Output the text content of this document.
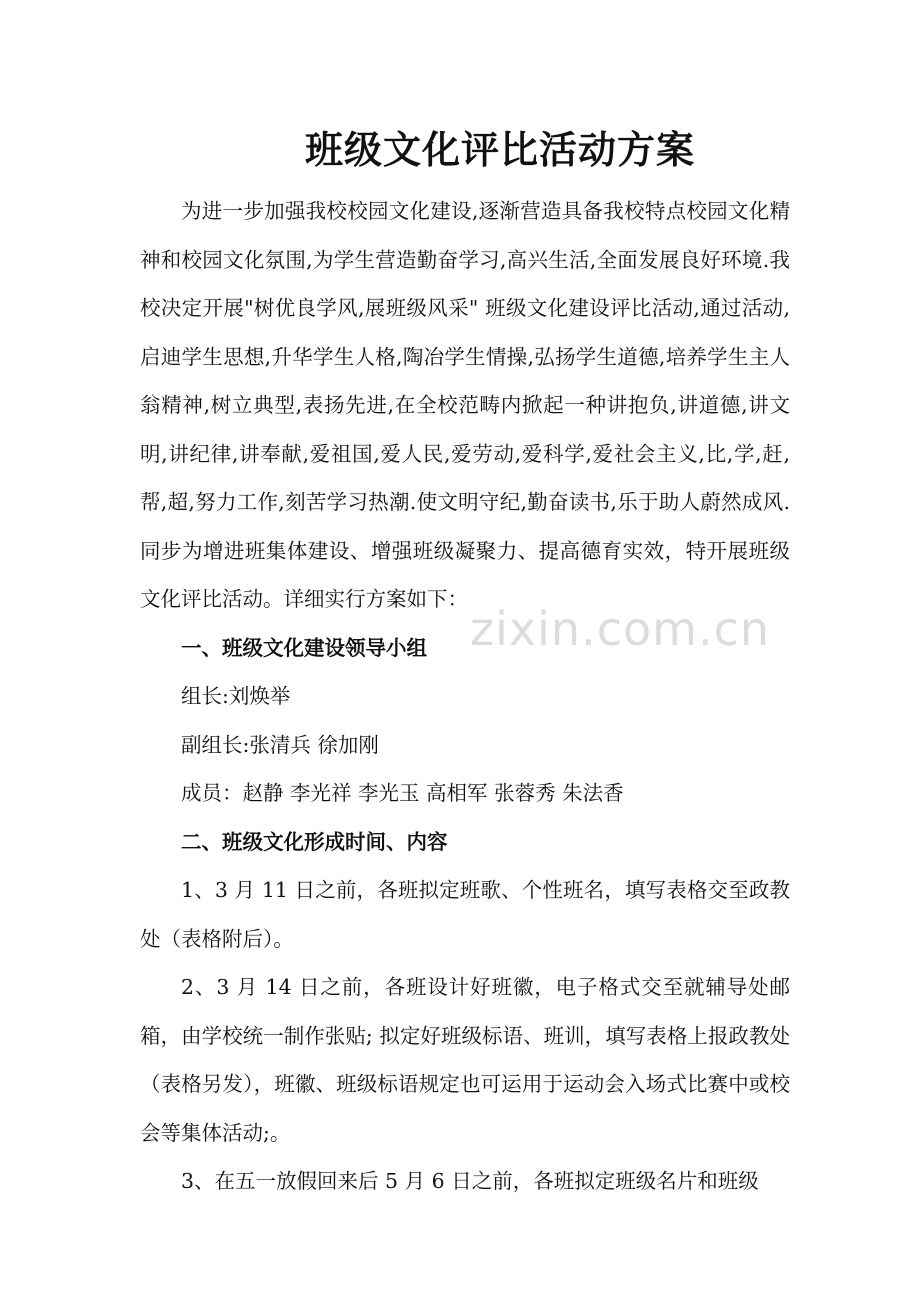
班级文化评比活动方案

为进一步加强我校校园文化建设,逐渐营造具备我校特点校园文化精神和校园文化氛围,为学生营造勤奋学习,高兴生活,全面发展良好环境.我校决定开展"树优良学风,展班级风采" 班级文化建设评比活动,通过活动,启迪学生思想,升华学生人格,陶冶学生情操,弘扬学生道德,培养学生主人翁精神,树立典型,表扬先进,在全校范畴内掀起一种讲抱负,讲道德,讲文明,讲纪律,讲奉献,爱祖国,爱人民,爱劳动,爱科学,爱社会主义,比,学,赶,帮,超,努力工作,刻苦学习热潮.使文明守纪,勤奋读书,乐于助人蔚然成风.同步为增进班集体建设、增强班级凝聚力、提高德育实效，特开展班级文化评比活动。详细实行方案如下：

一、班级文化建设领导小组

组长:刘焕举

副组长:张清兵 徐加刚

成员：赵静 李光祥 李光玉 高相军 张蓉秀 朱法香

二、班级文化形成时间、内容

1、3 月 11 日之前，各班拟定班歌、个性班名，填写表格交至政教处（表格附后）。

2、3 月 14 日之前，各班设计好班徽，电子格式交至就辅导处邮箱，由学校统一制作张贴; 拟定好班级标语、班训，填写表格上报政教处（表格另发），班徽、班级标语规定也可运用于运动会入场式比赛中或校会等集体活动;。

3、在五一放假回来后 5 月 6 日之前，各班拟定班级名片和班级

zixin.com.cn
